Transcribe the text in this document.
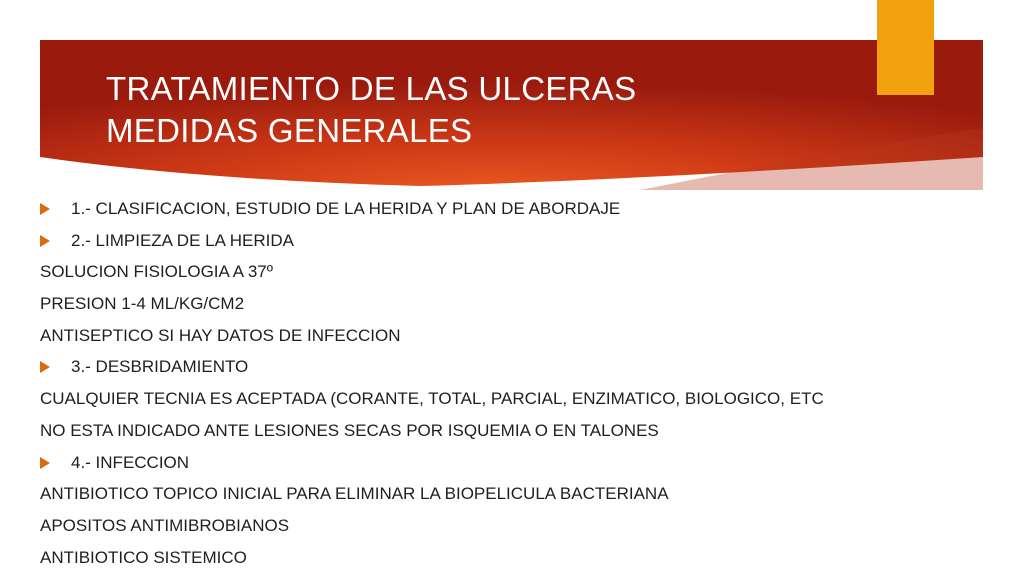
TRATAMIENTO DE LAS ULCERAS
MEDIDAS GENERALES
1.- CLASIFICACION, ESTUDIO DE LA HERIDA Y PLAN DE ABORDAJE
2.- LIMPIEZA DE LA HERIDA
SOLUCION FISIOLOGIA A 37º
PRESION 1-4 ML/KG/CM2
ANTISEPTICO SI HAY DATOS DE INFECCION
3.- DESBRIDAMIENTO
CUALQUIER TECNIA ES ACEPTADA (CORANTE, TOTAL, PARCIAL, ENZIMATICO, BIOLOGICO, ETC
NO ESTA INDICADO ANTE LESIONES SECAS POR ISQUEMIA O EN TALONES
4.- INFECCION
ANTIBIOTICO TOPICO INICIAL PARA ELIMINAR LA BIOPELICULA BACTERIANA
APOSITOS ANTIMIBROBIANOS
ANTIBIOTICO SISTEMICO
